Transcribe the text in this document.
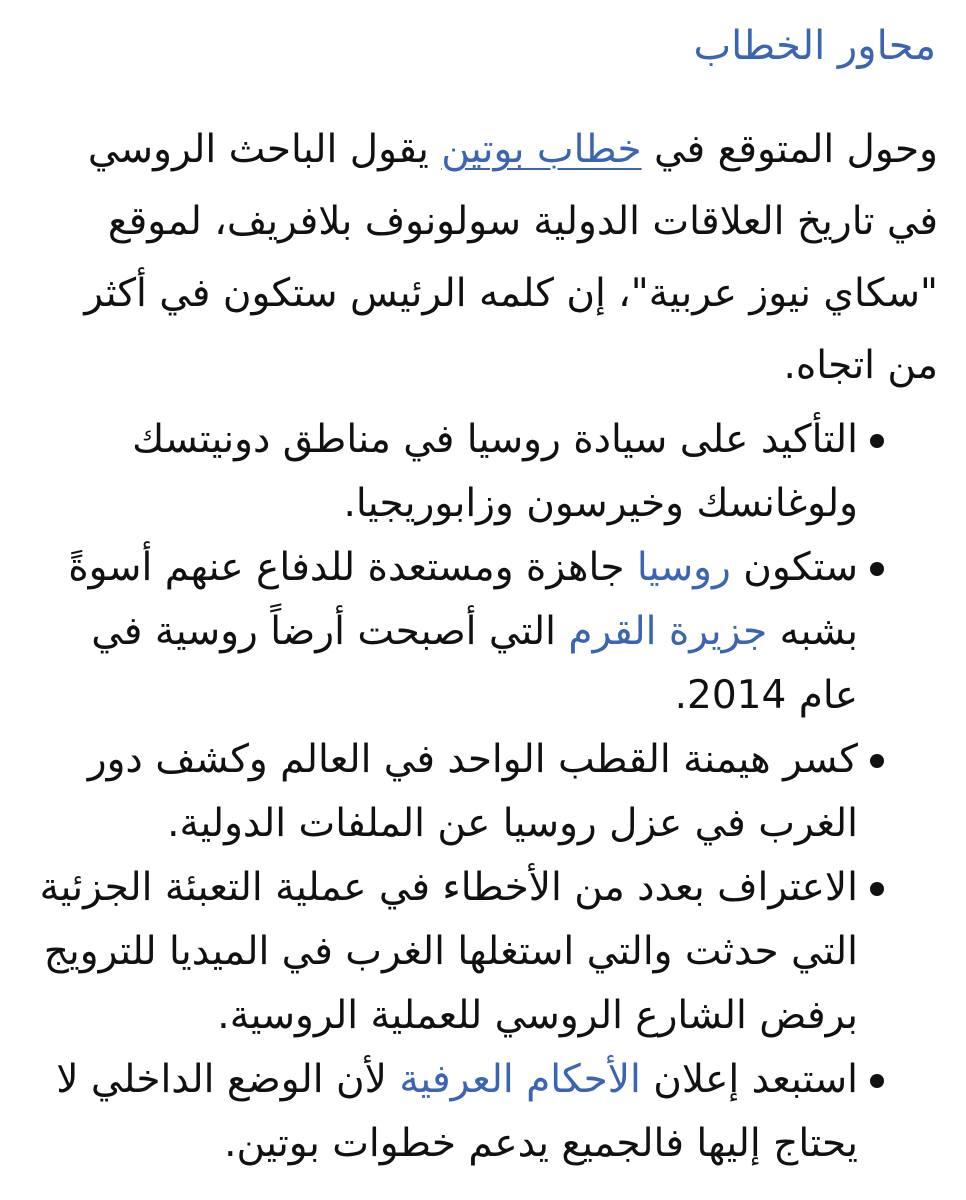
محاور الخطاب

وحول المتوقع في خطاب بوتين يقول الباحث الروسي في تاريخ العلاقات الدولية سولونوف بلافريف، لموقع "سكاي نيوز عربية"، إن كلمه الرئيس ستكون في أكثر من اتجاه.

التأكيد على سيادة روسيا في مناطق دونيتسك ولوغانسك وخيرسون وزابوريجيا.
ستكون روسيا جاهزة ومستعدة للدفاع عنهم أسوةً بشبه جزيرة القرم التي أصبحت أرضاً روسية في عام 2014.
كسر هيمنة القطب الواحد في العالم وكشف دور الغرب في عزل روسيا عن الملفات الدولية.
الاعتراف بعدد من الأخطاء في عملية التعبئة الجزئية التي حدثت والتي استغلها الغرب في الميديا للترويج برفض الشارع الروسي للعملية الروسية.
استبعد إعلان الأحكام العرفية لأن الوضع الداخلي لا يحتاج إليها فالجميع يدعم خطوات بوتين.
